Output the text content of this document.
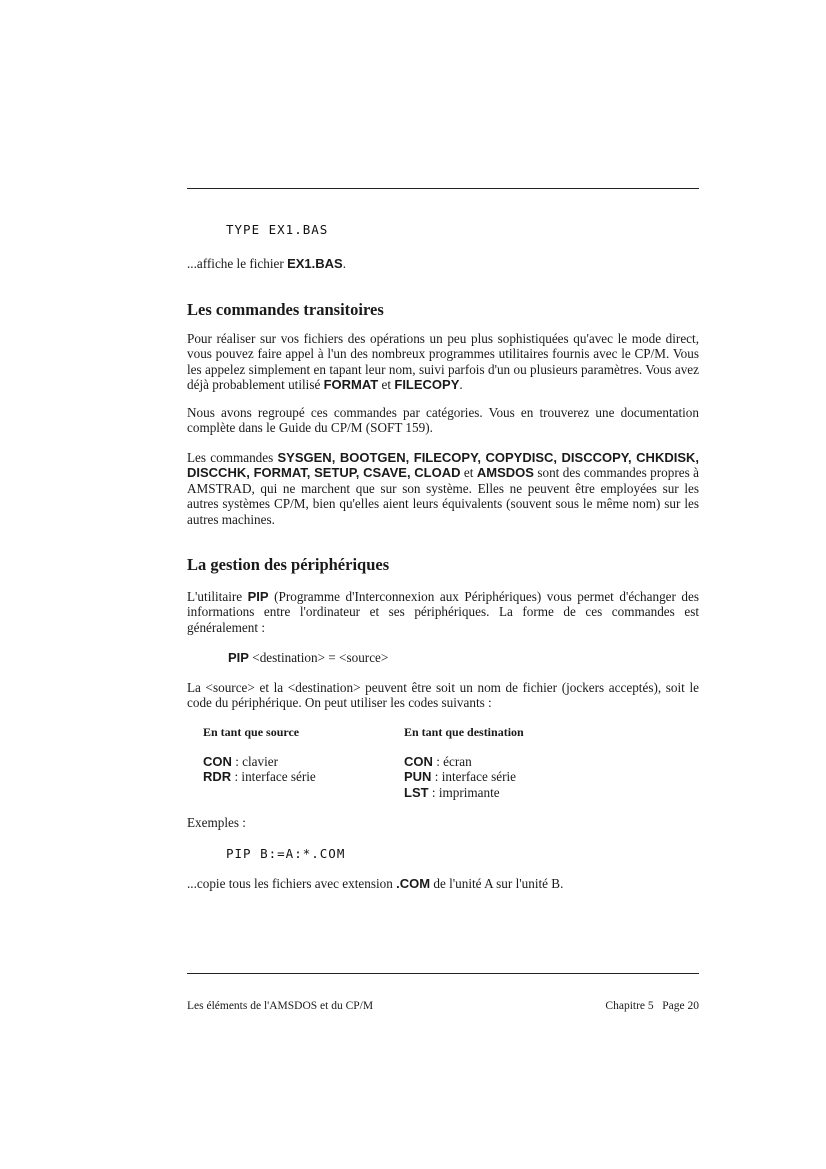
TYPE EX1.BAS

...affiche le fichier EX1.BAS.

Les commandes transitoires

Pour réaliser sur vos fichiers des opérations un peu plus sophistiquées qu'avec le mode direct, vous pouvez faire appel à l'un des nombreux programmes utilitaires fournis avec le CP/M. Vous les appelez simplement en tapant leur nom, suivi parfois d'un ou plusieurs paramètres. Vous avez déjà probablement utilisé FORMAT et FILECOPY.

Nous avons regroupé ces commandes par catégories. Vous en trouverez une documentation complète dans le Guide du CP/M (SOFT 159).

Les commandes SYSGEN, BOOTGEN, FILECOPY, COPYDISC, DISCCOPY, CHKDISK, DISCCHK, FORMAT, SETUP, CSAVE, CLOAD et AMSDOS sont des commandes propres à AMSTRAD, qui ne marchent que sur son système. Elles ne peuvent être employées sur les autres systèmes CP/M, bien qu'elles aient leurs équivalents (souvent sous le même nom) sur les autres machines.

La gestion des périphériques

L'utilitaire PIP (Programme d'Interconnexion aux Périphériques) vous permet d'échanger des informations entre l'ordinateur et ses périphériques. La forme de ces commandes est généralement :

PIP <destination> = <source>

La <source> et la <destination> peuvent être soit un nom de fichier (jockers acceptés), soit le code du périphérique. On peut utiliser les codes suivants :

En tant que source	En tant que destination
CON : clavier
RDR : interface série
CON : écran
PUN : interface série
LST : imprimante
Exemples :
PIP B:=A:*.COM

...copie tous les fichiers avec extension .COM de l'unité A sur l'unité B.

Les éléments de l'AMSDOS et du CP/M	Chapitre 5   Page 20
